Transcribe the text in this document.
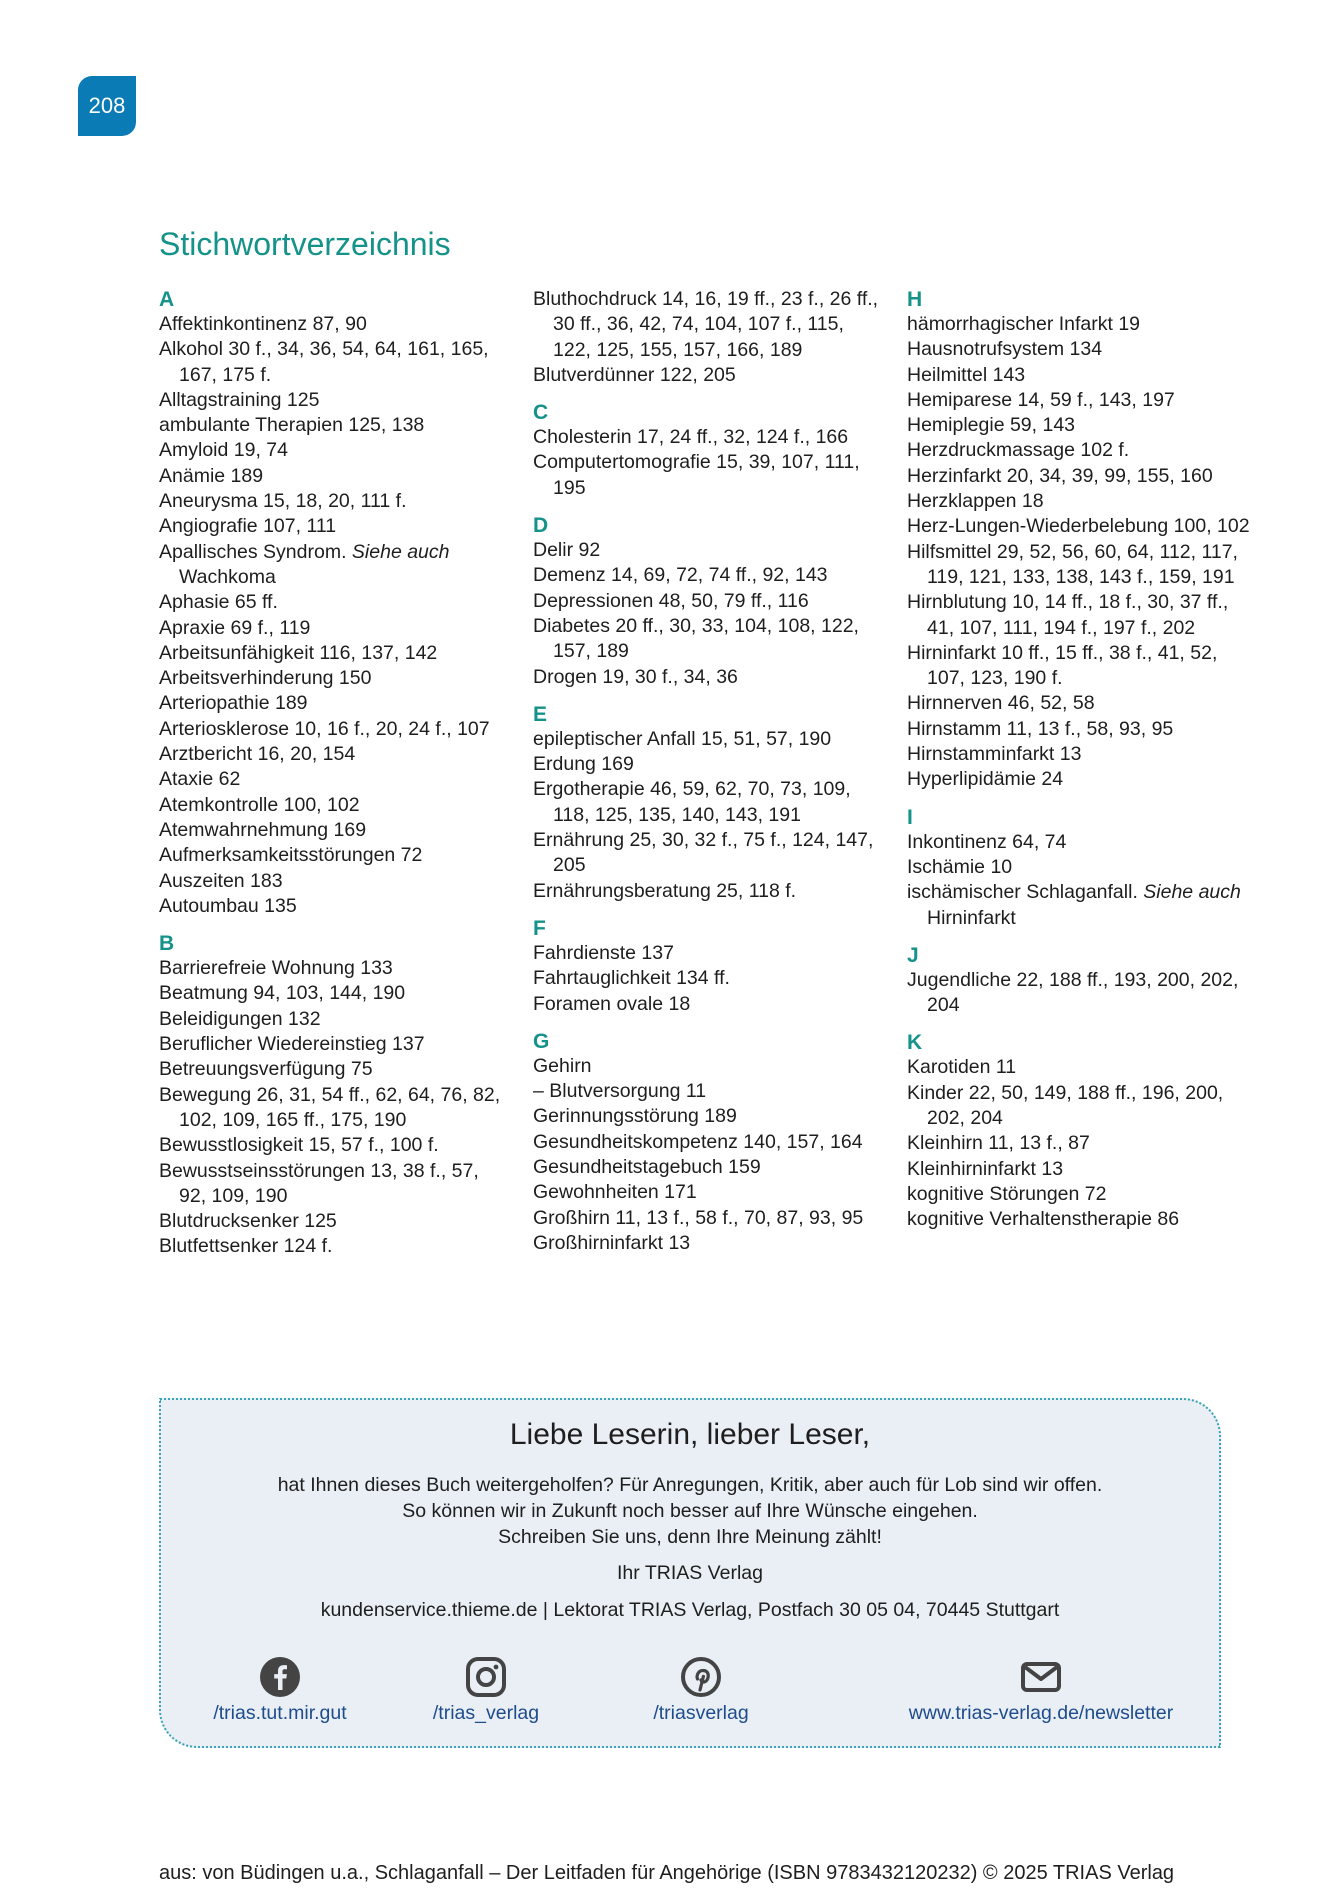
208
Stichwortverzeichnis
A
Affektinkontinenz 87, 90
Alkohol 30 f., 34, 36, 54, 64, 161, 165, 167, 175 f.
Alltagstraining 125
ambulante Therapien 125, 138
Amyloid 19, 74
Anämie 189
Aneurysma 15, 18, 20, 111 f.
Angiografie 107, 111
Apallisches Syndrom. Siehe auch Wachkoma
Aphasie 65 ff.
Apraxie 69 f., 119
Arbeitsunfähigkeit 116, 137, 142
Arbeitsverhinderung 150
Arteriopathie 189
Arteriosklerose 10, 16 f., 20, 24 f., 107
Arztbericht 16, 20, 154
Ataxie 62
Atemkontrolle 100, 102
Atemwahrnehmung 169
Aufmerksamkeitsstörungen 72
Auszeiten 183
Autoumbau 135
B
Barrierefreie Wohnung 133
Beatmung 94, 103, 144, 190
Beleidigungen 132
Beruflicher Wiedereinstieg 137
Betreuungsverfügung 75
Bewegung 26, 31, 54 ff., 62, 64, 76, 82, 102, 109, 165 ff., 175, 190
Bewusstlosigkeit 15, 57 f., 100 f.
Bewusstseinsstörungen 13, 38 f., 57, 92, 109, 190
Blutdrucksenker 125
Blutfettsenker 124 f.
Bluthochdruck 14, 16, 19 ff., 23 f., 26 ff., 30 ff., 36, 42, 74, 104, 107 f., 115, 122, 125, 155, 157, 166, 189
Blutverdünner 122, 205
C
Cholesterin 17, 24 ff., 32, 124 f., 166
Computertomografie 15, 39, 107, 111, 195
D
Delir 92
Demenz 14, 69, 72, 74 ff., 92, 143
Depressionen 48, 50, 79 ff., 116
Diabetes 20 ff., 30, 33, 104, 108, 122, 157, 189
Drogen 19, 30 f., 34, 36
E
epileptischer Anfall 15, 51, 57, 190
Erdung 169
Ergotherapie 46, 59, 62, 70, 73, 109, 118, 125, 135, 140, 143, 191
Ernährung 25, 30, 32 f., 75 f., 124, 147, 205
Ernährungsberatung 25, 118 f.
F
Fahrdienste 137
Fahrtauglichkeit 134 ff.
Foramen ovale 18
G
Gehirn
– Blutversorgung 11
Gerinnungsstörung 189
Gesundheitskompetenz 140, 157, 164
Gesundheitstagebuch 159
Gewohnheiten 171
Großhirn 11, 13 f., 58 f., 70, 87, 93, 95
Großhirninfarkt 13
H
hämorrhagischer Infarkt 19
Hausnotrufsystem 134
Heilmittel 143
Hemiparese 14, 59 f., 143, 197
Hemiplegie 59, 143
Herzdruckmassage 102 f.
Herzinfarkt 20, 34, 39, 99, 155, 160
Herzklappen 18
Herz-Lungen-Wiederbelebung 100, 102
Hilfsmittel 29, 52, 56, 60, 64, 112, 117, 119, 121, 133, 138, 143 f., 159, 191
Hirnblutung 10, 14 ff., 18 f., 30, 37 ff., 41, 107, 111, 194 f., 197 f., 202
Hirninfarkt 10 ff., 15 ff., 38 f., 41, 52, 107, 123, 190 f.
Hirnnerven 46, 52, 58
Hirnstamm 11, 13 f., 58, 93, 95
Hirnstamminfarkt 13
Hyperlipidämie 24
I
Inkontinenz 64, 74
Ischämie 10
ischämischer Schlaganfall. Siehe auch Hirninfarkt
J
Jugendliche 22, 188 ff., 193, 200, 202, 204
K
Karotiden 11
Kinder 22, 50, 149, 188 ff., 196, 200, 202, 204
Kleinhirn 11, 13 f., 87
Kleinhirninfarkt 13
kognitive Störungen 72
kognitive Verhaltenstherapie 86
Liebe Leserin, lieber Leser,
hat Ihnen dieses Buch weitergeholfen? Für Anregungen, Kritik, aber auch für Lob sind wir offen.
So können wir in Zukunft noch besser auf Ihre Wünsche eingehen.
Schreiben Sie uns, denn Ihre Meinung zählt!
Ihr TRIAS Verlag
kundenservice.thieme.de | Lektorat TRIAS Verlag, Postfach 30 05 04, 70445 Stuttgart
/trias.tut.mir.gut	/trias_verlag	/triasverlag	www.trias-verlag.de/newsletter
aus: von Büdingen u.a., Schlaganfall – Der Leitfaden für Angehörige (ISBN 9783432120232) © 2025 TRIAS Verlag
